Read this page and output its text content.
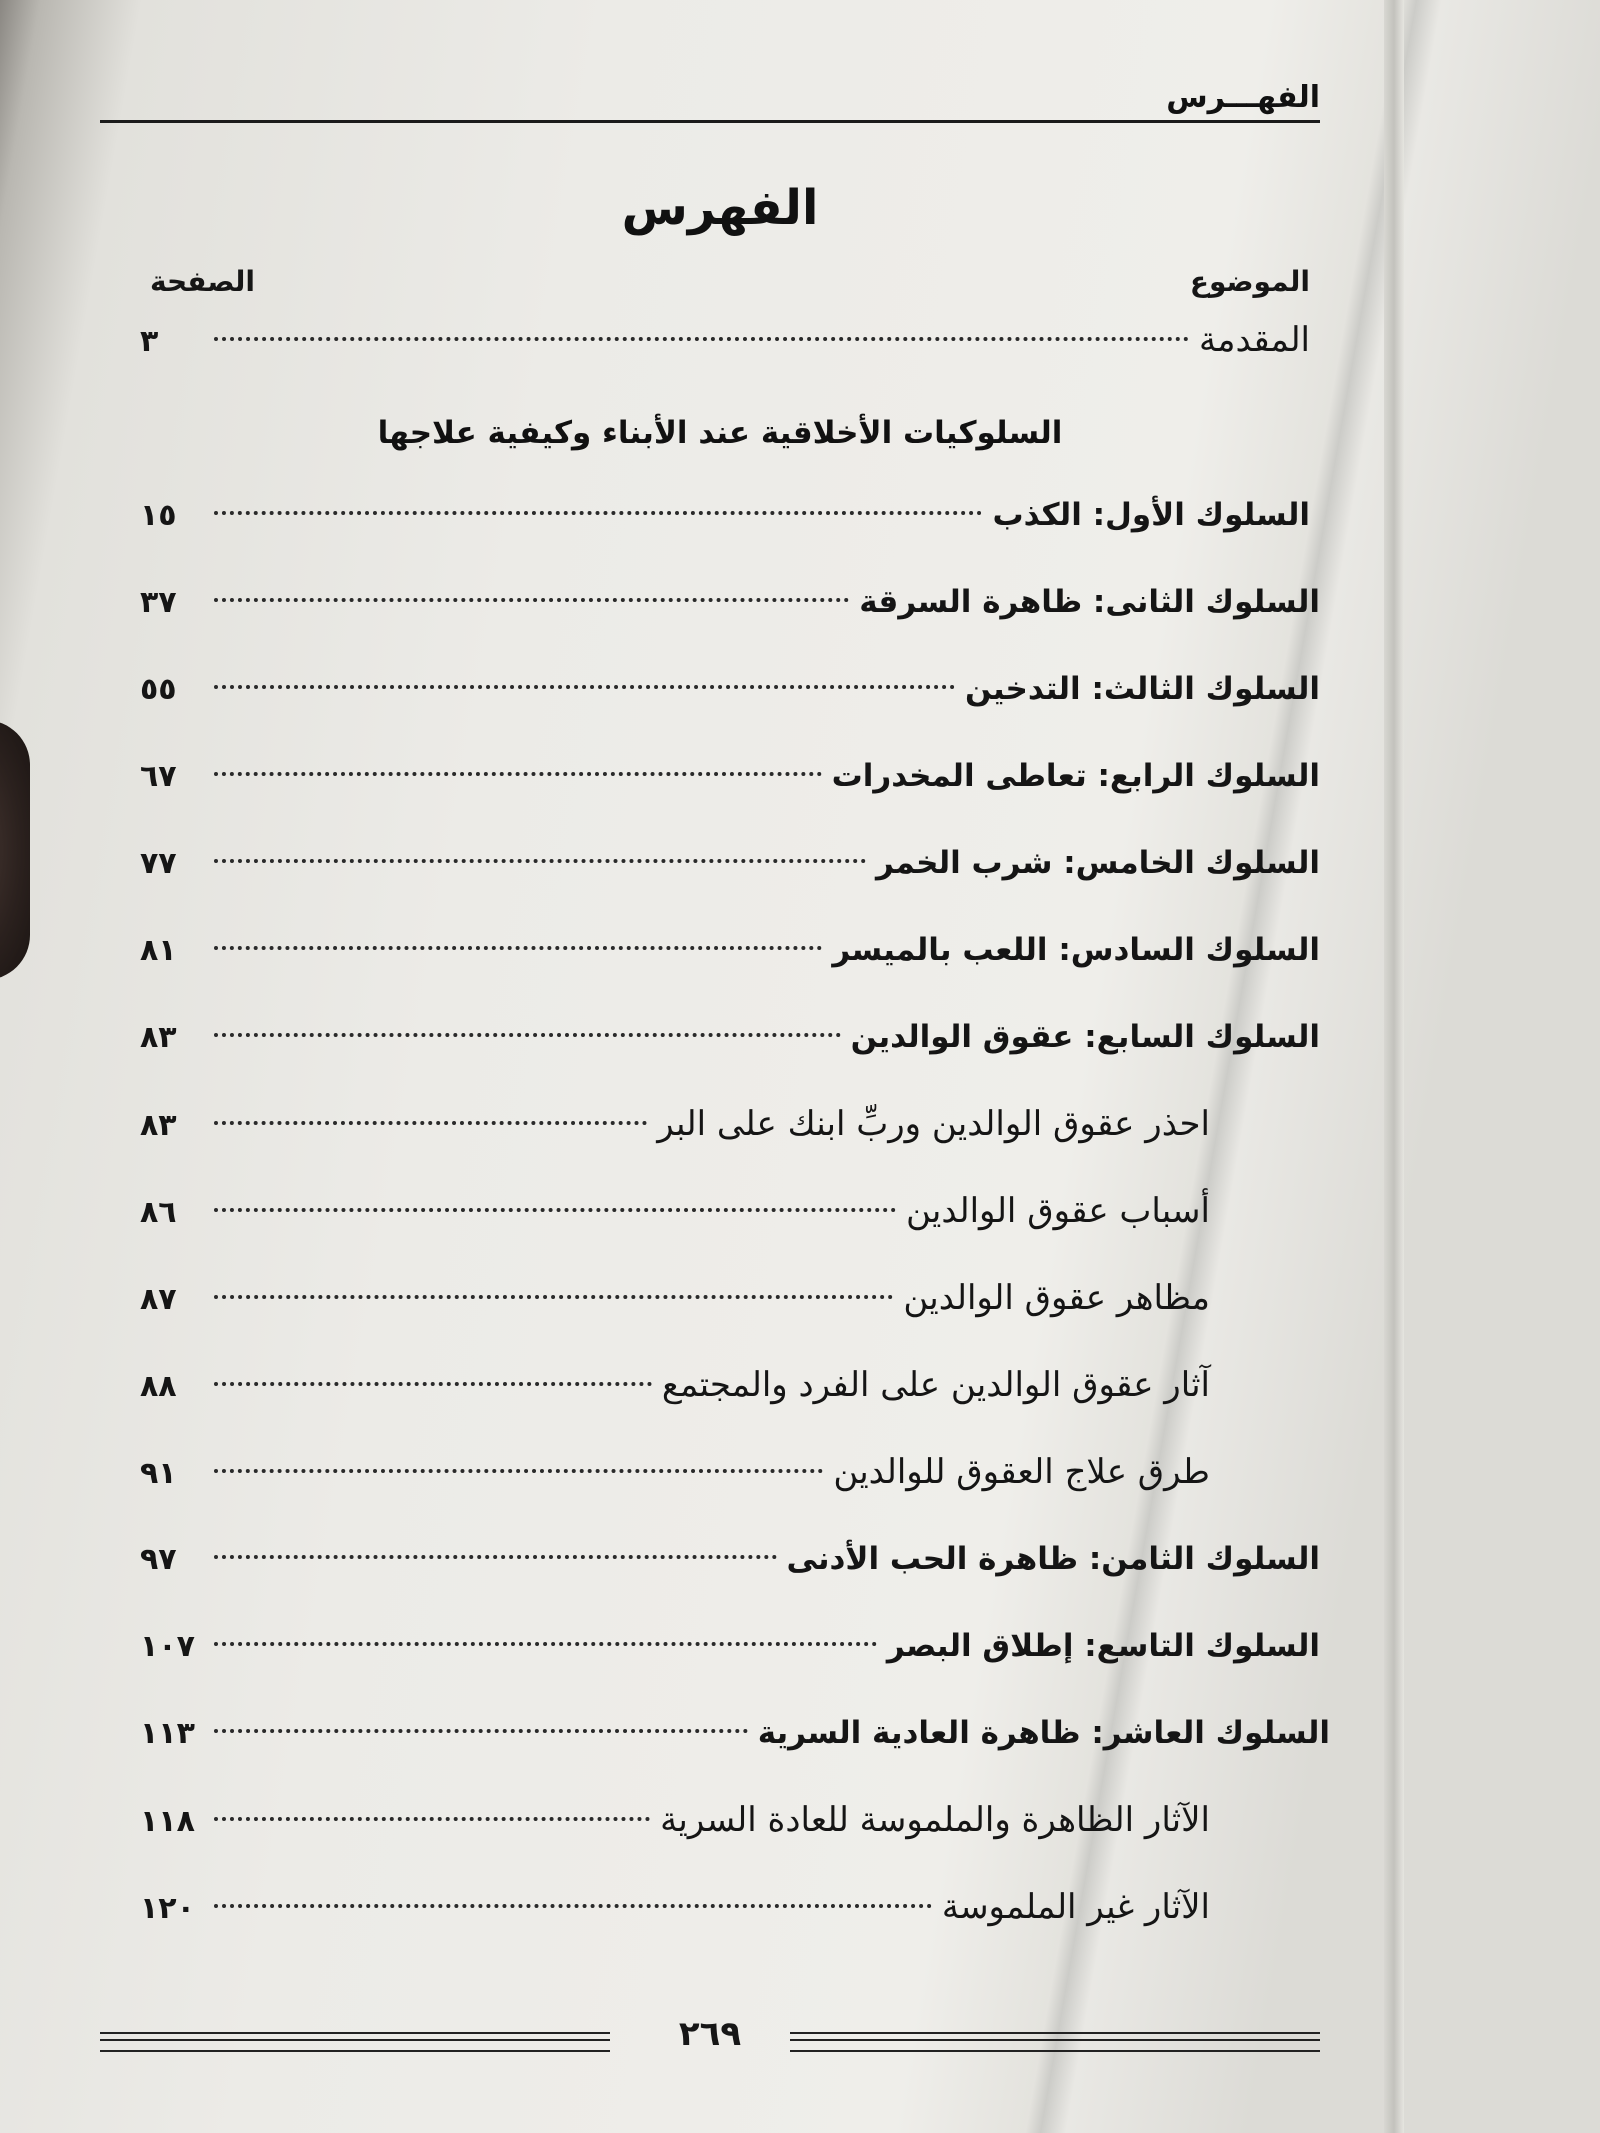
الفهـــرس
الفهرس
الموضوع
الصفحة
المقدمة
٣
السلوكيات الأخلاقية عند الأبناء وكيفية علاجها
السلوك الأول: الكذب
١٥
السلوك الثانى: ظاهرة السرقة
٣٧
السلوك الثالث: التدخين
٥٥
السلوك الرابع: تعاطى المخدرات
٦٧
السلوك الخامس: شرب الخمر
٧٧
السلوك السادس: اللعب بالميسر
٨١
السلوك السابع: عقوق الوالدين
٨٣
احذر عقوق الوالدين وربِّ ابنك على البر
٨٣
أسباب عقوق الوالدين
٨٦
مظاهر عقوق الوالدين
٨٧
آثار عقوق الوالدين على الفرد والمجتمع
٨٨
طرق علاج العقوق للوالدين
٩١
السلوك الثامن: ظاهرة الحب الأدنى
٩٧
السلوك التاسع: إطلاق البصر
١٠٧
السلوك العاشر: ظاهرة العادية السرية
١١٣
الآثار الظاهرة والملموسة للعادة السرية
١١٨
الآثار غير الملموسة
١٢٠
٢٦٩
